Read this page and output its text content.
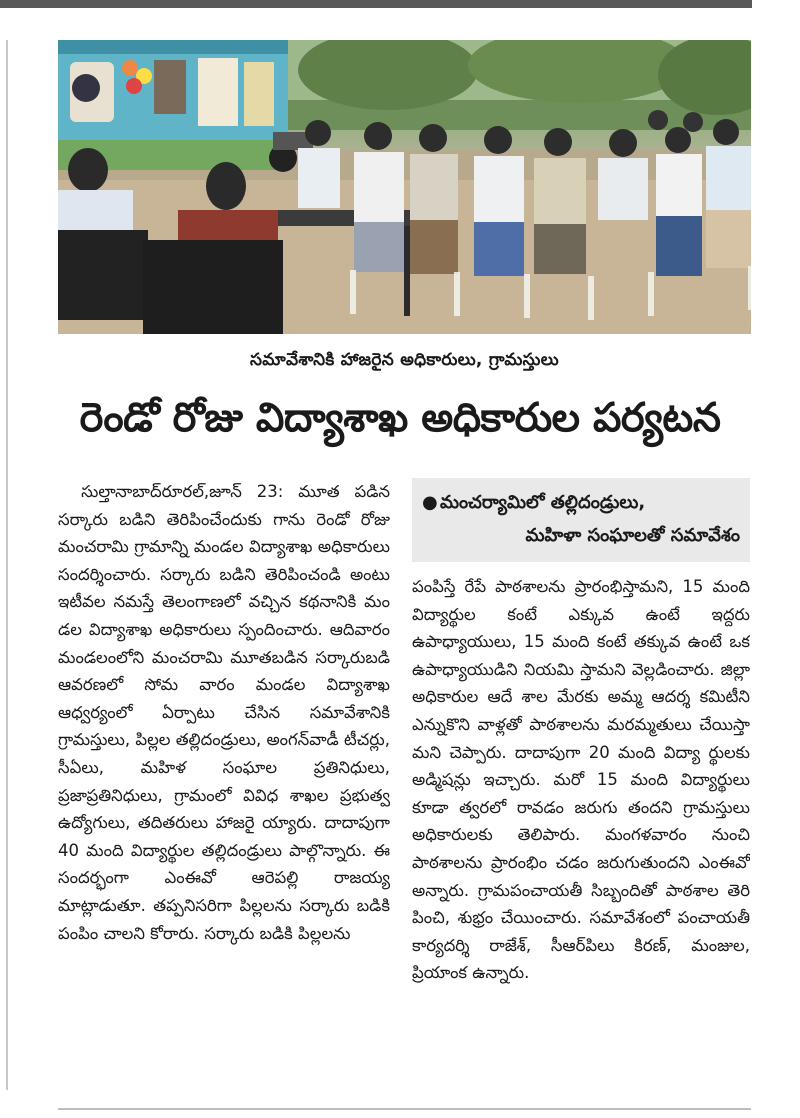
సమావేశానికి హాజరైన అధికారులు, గ్రామస్తులు
రెండో రోజు విద్యాశాఖ అధికారుల పర్యటన

సుల్తానాబాద్‌రూరల్‌,జూన్‌ 23: మూత పడిన సర్కారు బడిని తెరిపించేందుకు గాను రెండో రోజు మంచరామి గ్రామాన్ని మండల విద్యాశాఖ అధికారులు సందర్శించారు. సర్కారు బడిని తెరిపించండి అంటు ఇటీవల నమస్తే తెలంగాణలో వచ్చిన కథనానికి మం డల విద్యాశాఖ అధికారులు స్పందించారు. ఆదివారం మండలంలోని మంచరామి మూతబడిన సర్కారుబడి ఆవరణలో సోమ వారం మండల విద్యాశాఖ ఆధ్వర్యంలో ఏర్పాటు చేసిన సమావేశానికి గ్రామస్తులు, పిల్లల తల్లిదండ్రులు, అంగన్‌వాడీ టీచర్లు, సీఏలు, మహిళ సంఘాల ప్రతినిధులు, ప్రజాప్రతినిధులు, గ్రామంలో వివిధ శాఖల ప్రభుత్వ ఉద్యోగులు, తదితరులు హాజరై య్యారు. దాదాపుగా 40 మంది విద్యార్థుల తల్లిదండ్రులు పాల్గొన్నారు. ఈ సందర్భంగా ఎంఈవో ఆరెపల్లి రాజయ్య మాట్లాడుతూ. తప్పనిసరిగా పిల్లలను సర్కారు బడికి పంపిం చాలని కోరారు. సర్కారు బడికి పిల్లలను

● మంచర్యామిలో తల్లిదండ్రులు,
మహిళా సంఘాలతో సమావేశం

పంపిస్తే రేపే పాఠశాలను ప్రారంభిస్తామని, 15 మంది విద్యార్థుల కంటే ఎక్కువ ఉంటే ఇద్దరు ఉపాధ్యాయులు, 15 మంది కంటే తక్కువ ఉంటే ఒక ఉపాధ్యాయుడిని నియమి స్తామని వెల్లడించారు. జిల్లా అధికారుల ఆదే శాల మేరకు అమ్మ ఆదర్శ కమిటీని ఎన్నుకొని వాళ్లతో పాఠశాలను మరమ్మతులు చేయిస్తా మని చెప్పారు. దాదాపుగా 20 మంది విద్యా ర్థులకు అడ్మిషన్లు ఇచ్చారు. మరో 15 మంది విద్యార్థులు కూడా త్వరలో రావడం జరుగు తందని గ్రామస్తులు అధికారులకు తెలిపారు. మంగళవారం నుంచి పాఠశాలను ప్రారంభిం చడం జరుగుతుందని ఎంఈవో అన్నారు. గ్రామపంచాయతీ సిబ్బందితో పాఠశాల తెరి పించి, శుభ్రం చేయించారు. సమావేశంలో పంచాయతీ కార్యదర్శి రాజేశ్‌, సీఆర్‌పిలు కిరణ్‌, మంజుల, ప్రియాంక ఉన్నారు.
